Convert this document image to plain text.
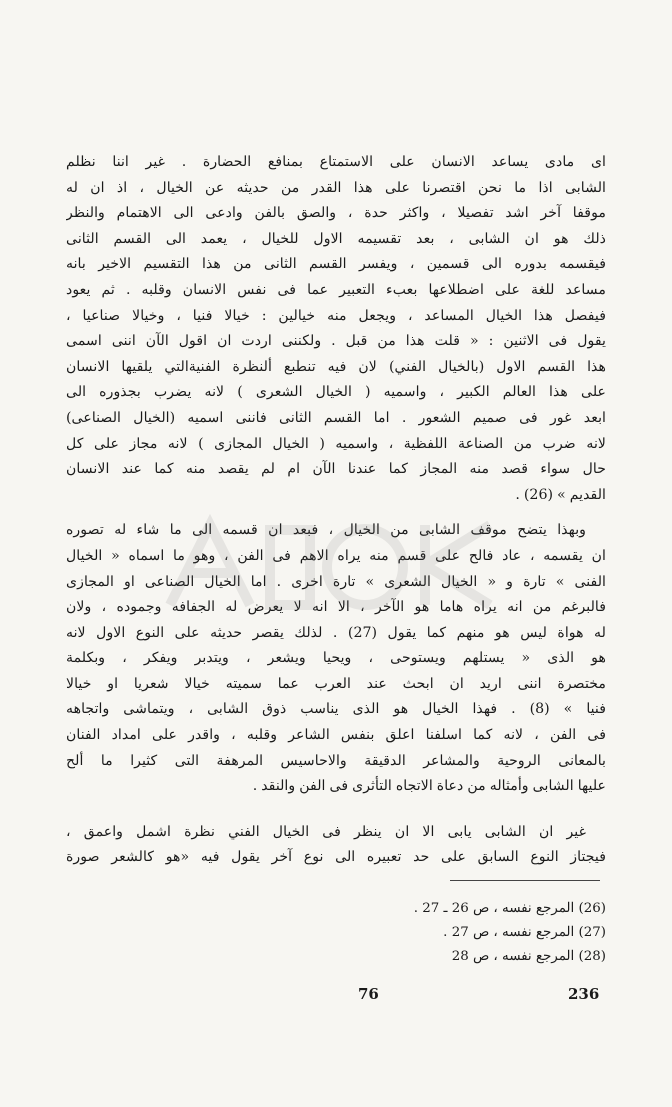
اى مادى يساعد الانسان على الاستمتاع بمنافع الحضارة . غير اننا نظلم
الشابى اذا ما نحن اقتصرنا على هذا القدر من حديثه عن الخيال ، اذ ان له
موقفا آخر اشد تفصيلا ، واكثر حدة ، والصق بالفن وادعى الى الاهتمام والنظر
ذلك هو ان الشابى ، بعد تقسيمه الاول للخيال ، يعمد الى القسم الثانى
فيقسمه بدوره الى قسمين ، ويفسر القسم الثانى من هذا التقسيم الاخير بانه
مساعد للغة على اضطلاعها بعبء التعبير عما فى نفس الانسان وقلبه . ثم يعود
فيفصل هذا الخيال المساعد ، ويجعل منه خيالين : خيالا فنيا ، وخيالا صناعيا ،
يقول فى الاثنين : « قلت هذا من قبل . ولكننى اردت ان اقول الآن اننى اسمى
هذا القسم الاول (بالخيال الفني) لان فيه تنطبع ألنظرة الفنيةالتي يلقيها الانسان
على هذا العالم الكبير ، واسميه ( الخيال الشعرى ) لانه يضرب بجذوره الى
ابعد غور فى صميم الشعور . اما القسم الثانى فاننى اسميه (الخيال الصناعى)
لانه ضرب من الصناعة اللفظية ، واسميه ( الخيال المجازى ) لانه مجاز على كل
حال سواء قصد منه المجاز كما عندنا الآن ام لم يقصد منه كما عند الانسان
القديم » (26) .
وبهذا يتضح موقف الشابى من الخيال ، فبعد ان قسمه الى ما شاء له تصوره
ان يقسمه ، عاد فالح على قسم منه يراه الاهم فى الفن ، وهو ما اسماه « الخيال
الفنى » تارة و « الخيال الشعرى » تارة اخرى . اما الخيال الصناعى او المجازى
فالبرغم من انه يراه هاما هو الآخر ، الا انه لا يعرض له الجفافه وجموده ، ولان
له هواة ليس هو منهم كما يقول (27) . لذلك يقصر حديثه على النوع الاول لانه
هو الذى « يستلهم ويستوحى ، ويحيا ويشعر ، ويتدبر ويفكر ، وبكلمة
مختصرة اننى اريد ان ابحث عند العرب عما سميته خيالا شعريا او خيالا
فنيا » (8) . فهذا الخيال هو الذى يناسب ذوق الشابى ، ويتماشى واتجاهه
فى الفن ، لانه كما اسلفنا اعلق بنفس الشاعر وقلبه ، واقدر على امداد الفنان
بالمعانى الروحية والمشاعر الدقيقة والاحاسيس المرهفة التى كثيرا ما ألح
عليها الشابى وأمثاله من دعاة الاتجاه التأثرى فى الفن والنقد .
غير ان الشابى يابى الا ان ينظر فى الخيال الفني نظرة اشمل واعمق ،
فيجتاز النوع السابق على حد تعبيره الى نوع آخر يقول فيه «هو كالشعر صورة
(26) المرجع نفسه ، ص 26 ـ 27 .
(27) المرجع نفسه ، ص 27 .
(28) المرجع نفسه ، ص 28
76	236
